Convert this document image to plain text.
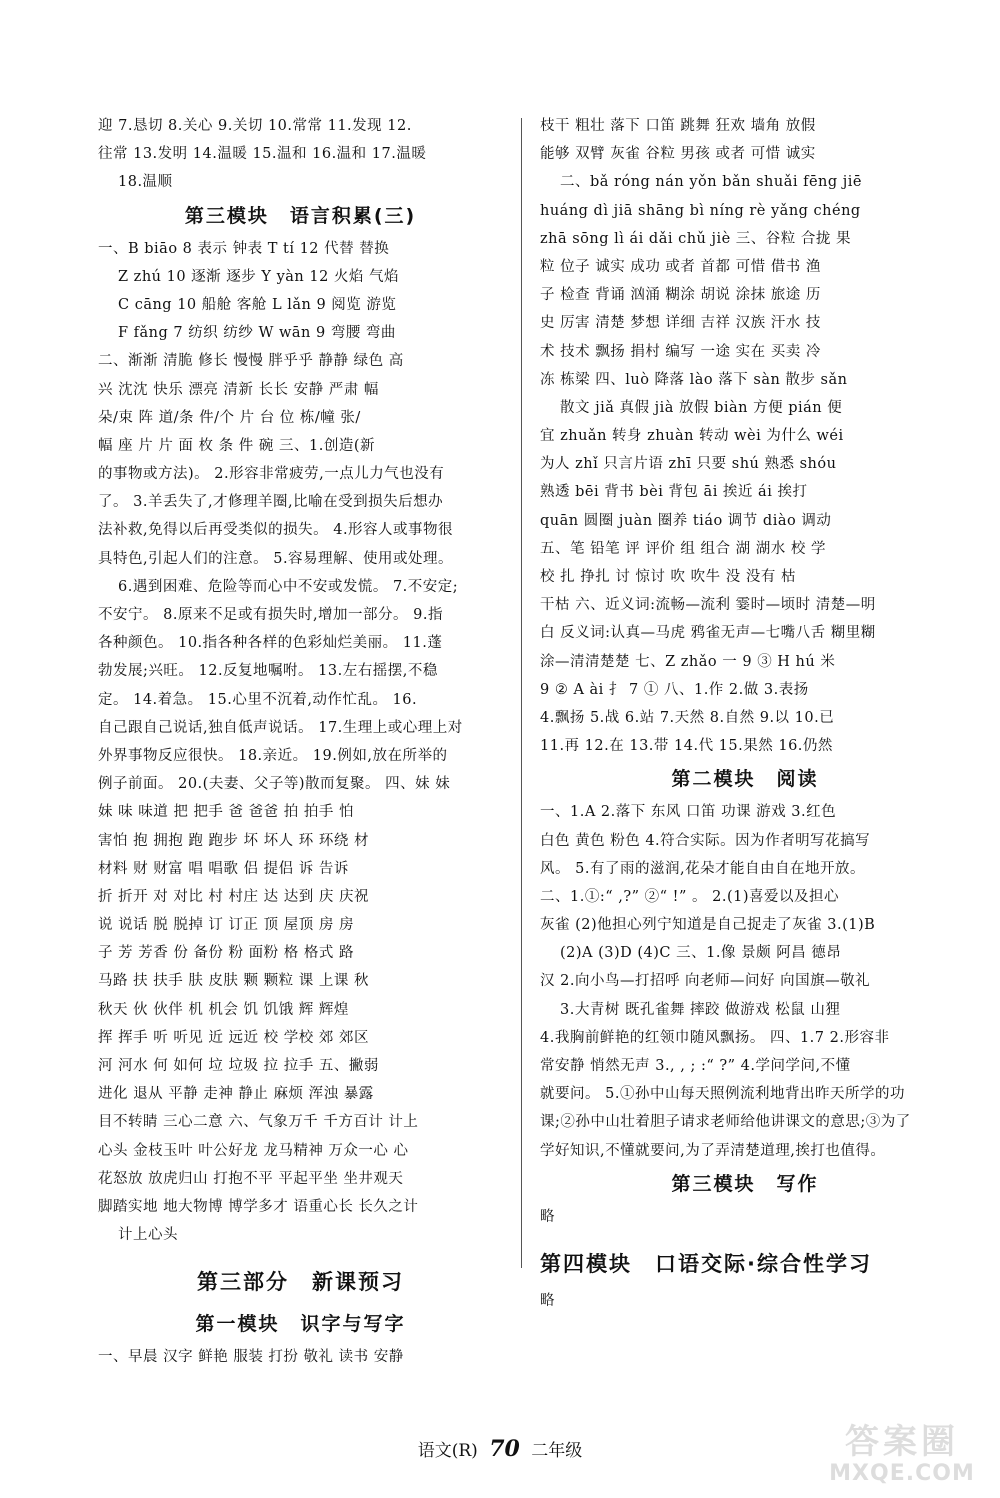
迎 7.恳切 8.关心 9.关切 10.常常 11.发现 12.
往常 13.发明 14.温暖 15.温和 16.温和 17.温暖
18.温顺
第三模块　语言积累(三)
一、B biāo 8 表示 钟表 T tí 12 代替 替换
Z zhú 10 逐渐 逐步 Y yàn 12 火焰 气焰
C cāng 10 船舱 客舱 L lǎn 9 阅览 游览
F fǎng 7 纺织 纺纱 W wān 9 弯腰 弯曲
二、渐渐 清脆 修长 慢慢 胖乎乎 静静 绿色 高
兴 沈沈 快乐 漂亮 清新 长长 安静 严肃 幅
朵/束 阵 道/条 件/个 片 台 位 栋/幢 张/
幅 座 片 片 面 枚 条 件 碗 三、1.创造(新
的事物或方法)。 2.形容非常疲劳,一点儿力气也没有
了。 3.羊丢失了,才修理羊圈,比喻在受到损失后想办
法补救,免得以后再受类似的损失。 4.形容人或事物很
具特色,引起人们的注意。 5.容易理解、使用或处理。
6.遇到困难、危险等而心中不安或发慌。 7.不安定;
不安宁。 8.原来不足或有损失时,增加一部分。 9.指
各种颜色。 10.指各种各样的色彩灿烂美丽。 11.蓬
勃发展;兴旺。 12.反复地嘱咐。 13.左右摇摆,不稳
定。 14.着急。 15.心里不沉着,动作忙乱。 16.
自己跟自己说话,独自低声说话。 17.生理上或心理上对
外界事物反应很快。 18.亲近。 19.例如,放在所举的
例子前面。 20.(夫妻、父子等)散而复聚。 四、妹 妹
妹 味 味道 把 把手 爸 爸爸 拍 拍手 怕
害怕 抱 拥抱 跑 跑步 坏 坏人 环 环绕 材
材料 财 财富 唱 唱歌 侣 提侣 诉 告诉
折 折开 对 对比 村 村庄 达 达到 庆 庆祝
说 说话 脱 脱掉 订 订正 顶 屋顶 房 房
子 芳 芳香 份 备份 粉 面粉 格 格式 路
马路 扶 扶手 肤 皮肤 颗 颗粒 课 上课 秋
秋天 伙 伙伴 机 机会 饥 饥饿 辉 辉煌
挥 挥手 听 听见 近 远近 校 学校 郊 郊区
河 河水 何 如何 垃 垃圾 拉 拉手 五、撇弱
进化 退从 平静 走神 静止 麻烦 浑浊 暴露
目不转睛 三心二意 六、气象万千 千方百计 计上
心头 金枝玉叶 叶公好龙 龙马精神 万众一心 心
花怒放 放虎归山 打抱不平 平起平坐 坐井观天
脚踏实地 地大物博 博学多才 语重心长 长久之计
计上心头
第三部分　新课预习
第一模块　识字与写字
一、早晨 汉字 鲜艳 服装 打扮 敬礼 读书 安静
枝干 粗壮 落下 口笛 跳舞 狂欢 墙角 放假
能够 双臂 灰雀 谷粒 男孩 或者 可惜 诚实
二、bǎ róng nán yǒn bǎn shuǎi fēng jiē
huáng dì jiā shāng bì níng rè yǎng chéng
zhā sōng lì ái dǎi chǔ jiè 三、谷粒 合拢 果
粒 位子 诚实 成功 或者 首都 可惜 借书 渔
子 检查 背诵 汹涌 糊涂 胡说 涂抹 旅途 历
史 厉害 清楚 梦想 详细 吉祥 汉族 汗水 技
术 技术 飘扬 捐村 编写 一途 实在 买卖 冷
冻 栋梁 四、luò 降落 lào 落下 sàn 散步 sǎn
散文 jiǎ 真假 jià 放假 biàn 方便 pián 便
宜 zhuǎn 转身 zhuàn 转动 wèi 为什么 wéi
为人 zhǐ 只言片语 zhī 只要 shú 熟悉 shóu
熟透 bēi 背书 bèi 背包 āi 挨近 ái 挨打
quān 圆圈 juàn 圈养 tiáo 调节 diào 调动
五、笔 铅笔 评 评价 组 组合 湖 湖水 校 学
校 扎 挣扎 讨 惊讨 吹 吹牛 没 没有 枯
干枯 六、近义词:流畅—流利 霎时—顷时 清楚—明
白 反义词:认真—马虎 鸦雀无声—七嘴八舌 糊里糊
涂—清清楚楚 七、Z zhǎo 一 9 ③ H hú 米
9 ② A ài 扌 7 ① 八、1.作 2.做 3.表扬
4.飘扬 5.战 6.站 7.天然 8.自然 9.以 10.已
11.再 12.在 13.带 14.代 15.果然 16.仍然
第二模块　阅读
一、1.A 2.落下 东风 口笛 功课 游戏 3.红色
白色 黄色 粉色 4.符合实际。因为作者明写花搞写
风。 5.有了雨的滋润,花朵才能自由自在地开放。
二、1.①:“ ,?” ②“ !” 。 2.(1)喜爱以及担心
灰雀 (2)他担心列宁知道是自己捉走了灰雀 3.(1)B
(2)A (3)D (4)C 三、1.像 景颇 阿昌 德昂
汉 2.向小鸟—打招呼 向老师—问好 向国旗—敬礼
3.大青树 既孔雀舞 摔跤 做游戏 松鼠 山狸
4.我胸前鲜艳的红领巾随风飘扬。 四、1.7 2.形容非
常安静 悄然无声 3., , ; :“ ?” 4.学问学问,不懂
就要问。 5.①孙中山每天照例流利地背出昨天所学的功
课;②孙中山壮着胆子请求老师给他讲课文的意思;③为了
学好知识,不懂就要问,为了弄清楚道理,挨打也值得。
第三模块　写作
略
第四模块　口语交际·综合性学习
略
语文(R) 70 二年级	答案圈
MXQE.COM
